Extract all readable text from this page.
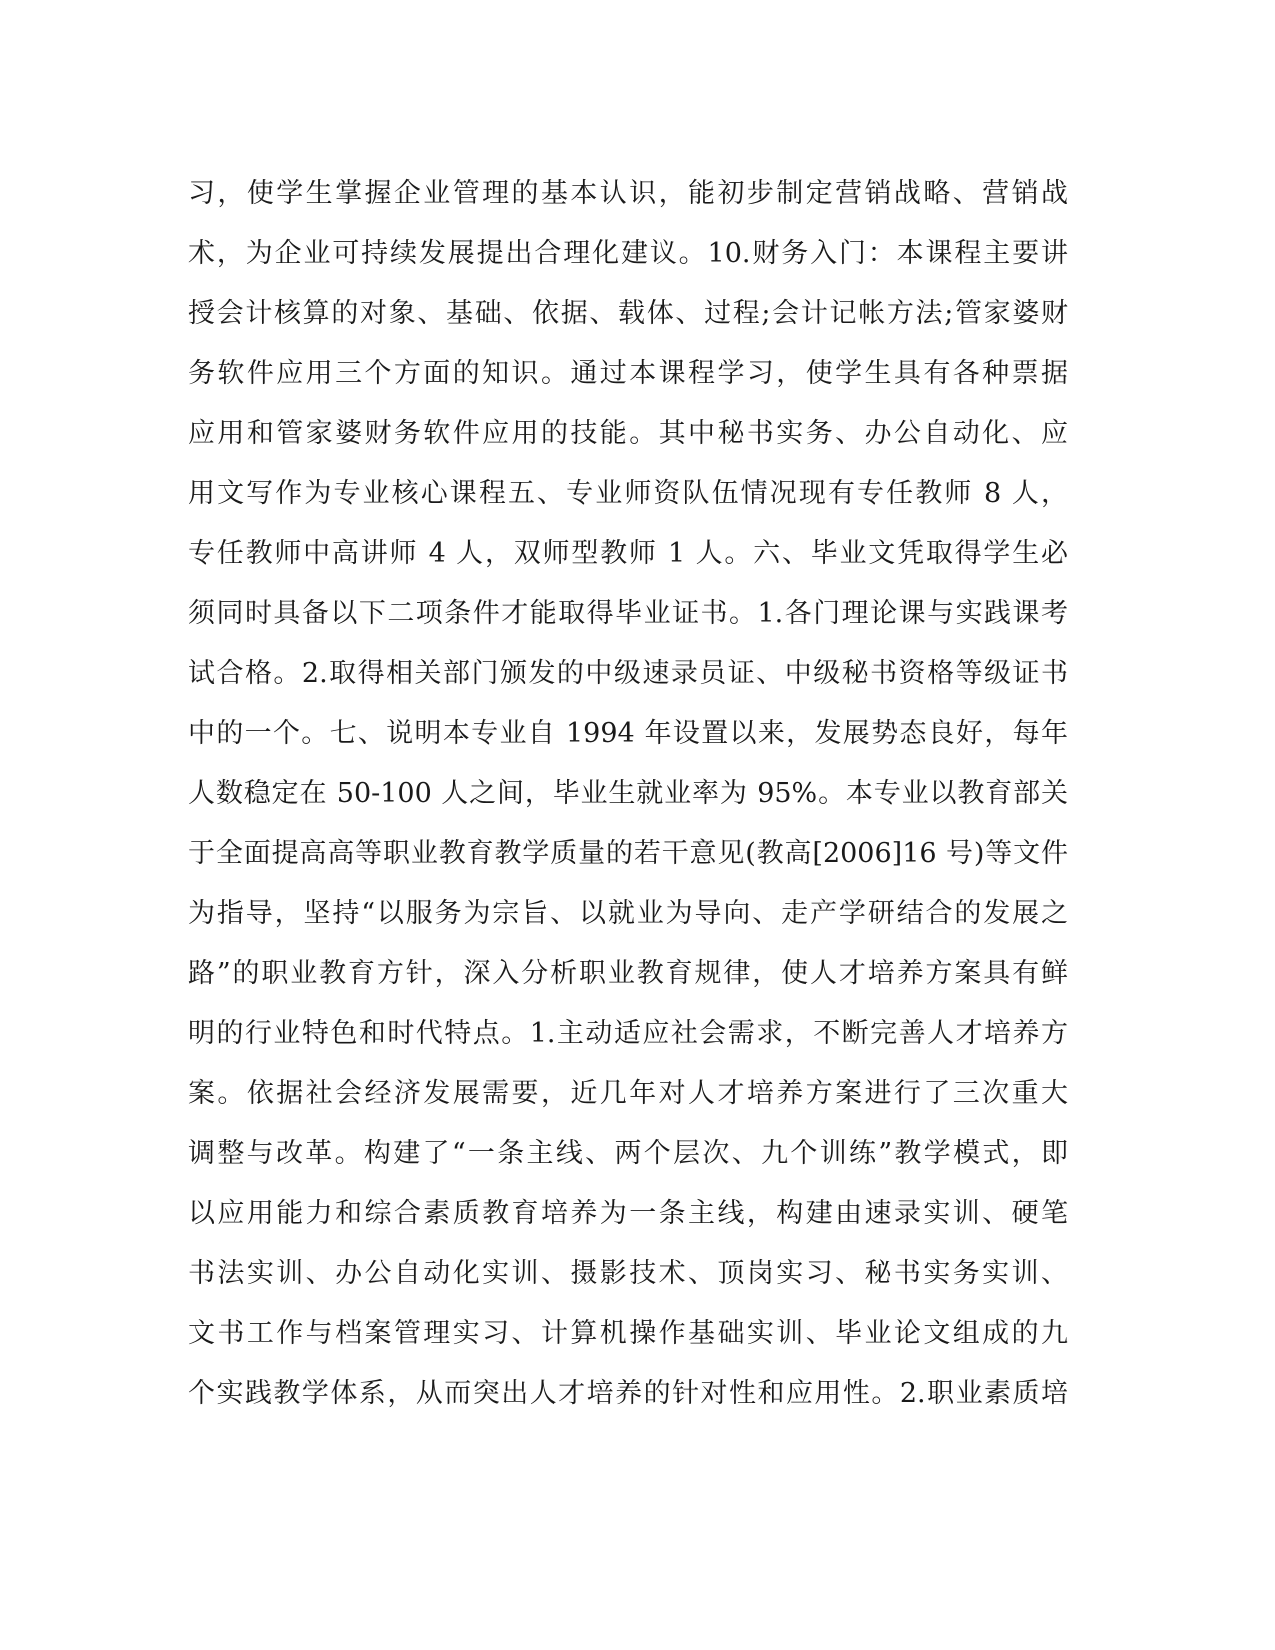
习，使学生掌握企业管理的基本认识，能初步制定营销战略、营销战
术，为企业可持续发展提出合理化建议。10.财务入门：本课程主要讲
授会计核算的对象、基础、依据、载体、过程;会计记帐方法;管家婆财
务软件应用三个方面的知识。通过本课程学习，使学生具有各种票据
应用和管家婆财务软件应用的技能。其中秘书实务、办公自动化、应
用文写作为专业核心课程五、专业师资队伍情况现有专任教师 8 人，
专任教师中高讲师 4 人，双师型教师 1 人。六、毕业文凭取得学生必
须同时具备以下二项条件才能取得毕业证书。1.各门理论课与实践课考
试合格。2.取得相关部门颁发的中级速录员证、中级秘书资格等级证书
中的一个。七、说明本专业自 1994 年设置以来，发展势态良好，每年
人数稳定在 50-100 人之间，毕业生就业率为 95%。本专业以教育部关
于全面提高高等职业教育教学质量的若干意见(教高[2006]16 号)等文件
为指导，坚持“以服务为宗旨、以就业为导向、走产学研结合的发展之
路”的职业教育方针，深入分析职业教育规律，使人才培养方案具有鲜
明的行业特色和时代特点。1.主动适应社会需求，不断完善人才培养方
案。依据社会经济发展需要，近几年对人才培养方案进行了三次重大
调整与改革。构建了“一条主线、两个层次、九个训练”教学模式，即
以应用能力和综合素质教育培养为一条主线，构建由速录实训、硬笔
书法实训、办公自动化实训、摄影技术、顶岗实习、秘书实务实训、
文书工作与档案管理实习、计算机操作基础实训、毕业论文组成的九
个实践教学体系，从而突出人才培养的针对性和应用性。2.职业素质培
